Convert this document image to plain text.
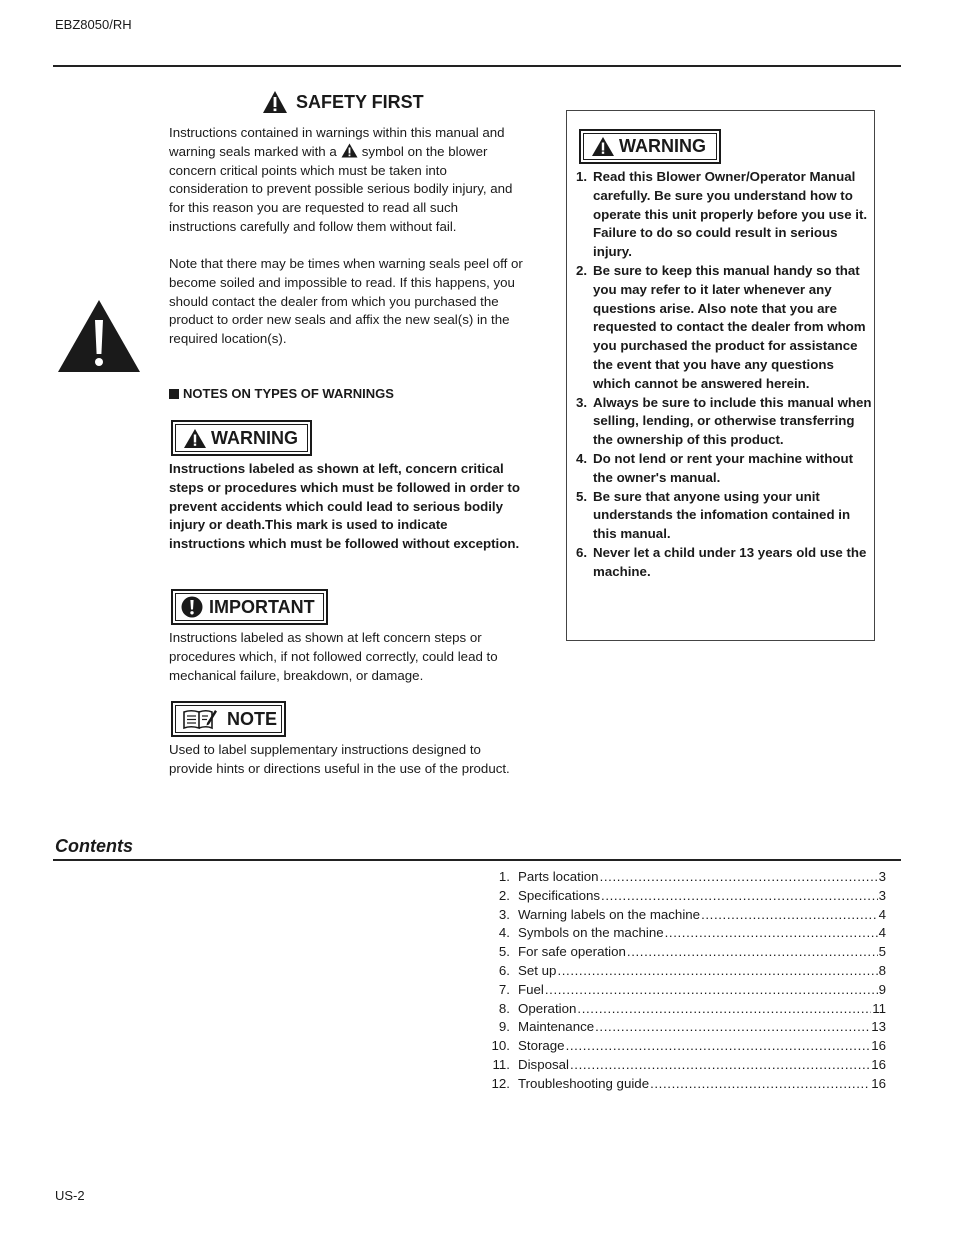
EBZ8050/RH
SAFETY FIRST
Instructions contained in warnings within this manual and warning seals marked with a symbol on the blower concern critical points which must be taken into consideration to prevent possible serious bodily injury, and for this reason you are requested to read all such instructions carefully and follow them without fail.
Note that there may be times when warning seals peel off or become soiled and impossible to read. If this happens, you should contact the dealer from which you purchased the product to order new seals and affix the new seal(s) in the required location(s).
NOTES ON TYPES OF WARNINGS
WARNING
Instructions labeled as shown at left, concern critical steps or procedures which must be followed in order to prevent accidents which could lead to serious bodily injury or death.This mark is used to indicate instructions which must be followed without exception.
IMPORTANT
Instructions labeled as shown at left concern steps or procedures which, if not followed correctly, could lead to mechanical failure, breakdown, or damage.
NOTE
Used to label supplementary instructions designed to provide hints or directions useful in the use of the product.
WARNING
1. Read this Blower Owner/Operator Manual carefully. Be sure you understand how to operate this unit properly before you use it. Failure to do so could result in serious injury.
2. Be sure to keep this manual handy so that you may refer to it later whenever any questions arise. Also note that you are requested to contact the dealer from whom you purchased the product for assistance the event that you have any questions which cannot be answered herein.
3. Always be sure to include this manual when selling, lending, or otherwise transferring the ownership of this product.
4. Do not lend or rent your machine without the owner's manual.
5. Be sure that anyone using your unit understands the infomation contained in this manual.
6. Never let a child under 13 years old use the machine.
Contents
1. Parts location .....	3
2. Specifications .....	3
3. Warning labels on the machine .....	4
4. Symbols on the machine .....	4
5. For safe operation .....	5
6. Set up .....	8
7. Fuel .....	9
8. Operation .....	11
9. Maintenance .....	13
10. Storage .....	16
11. Disposal .....	16
12. Troubleshooting guide .....	16
US-2
